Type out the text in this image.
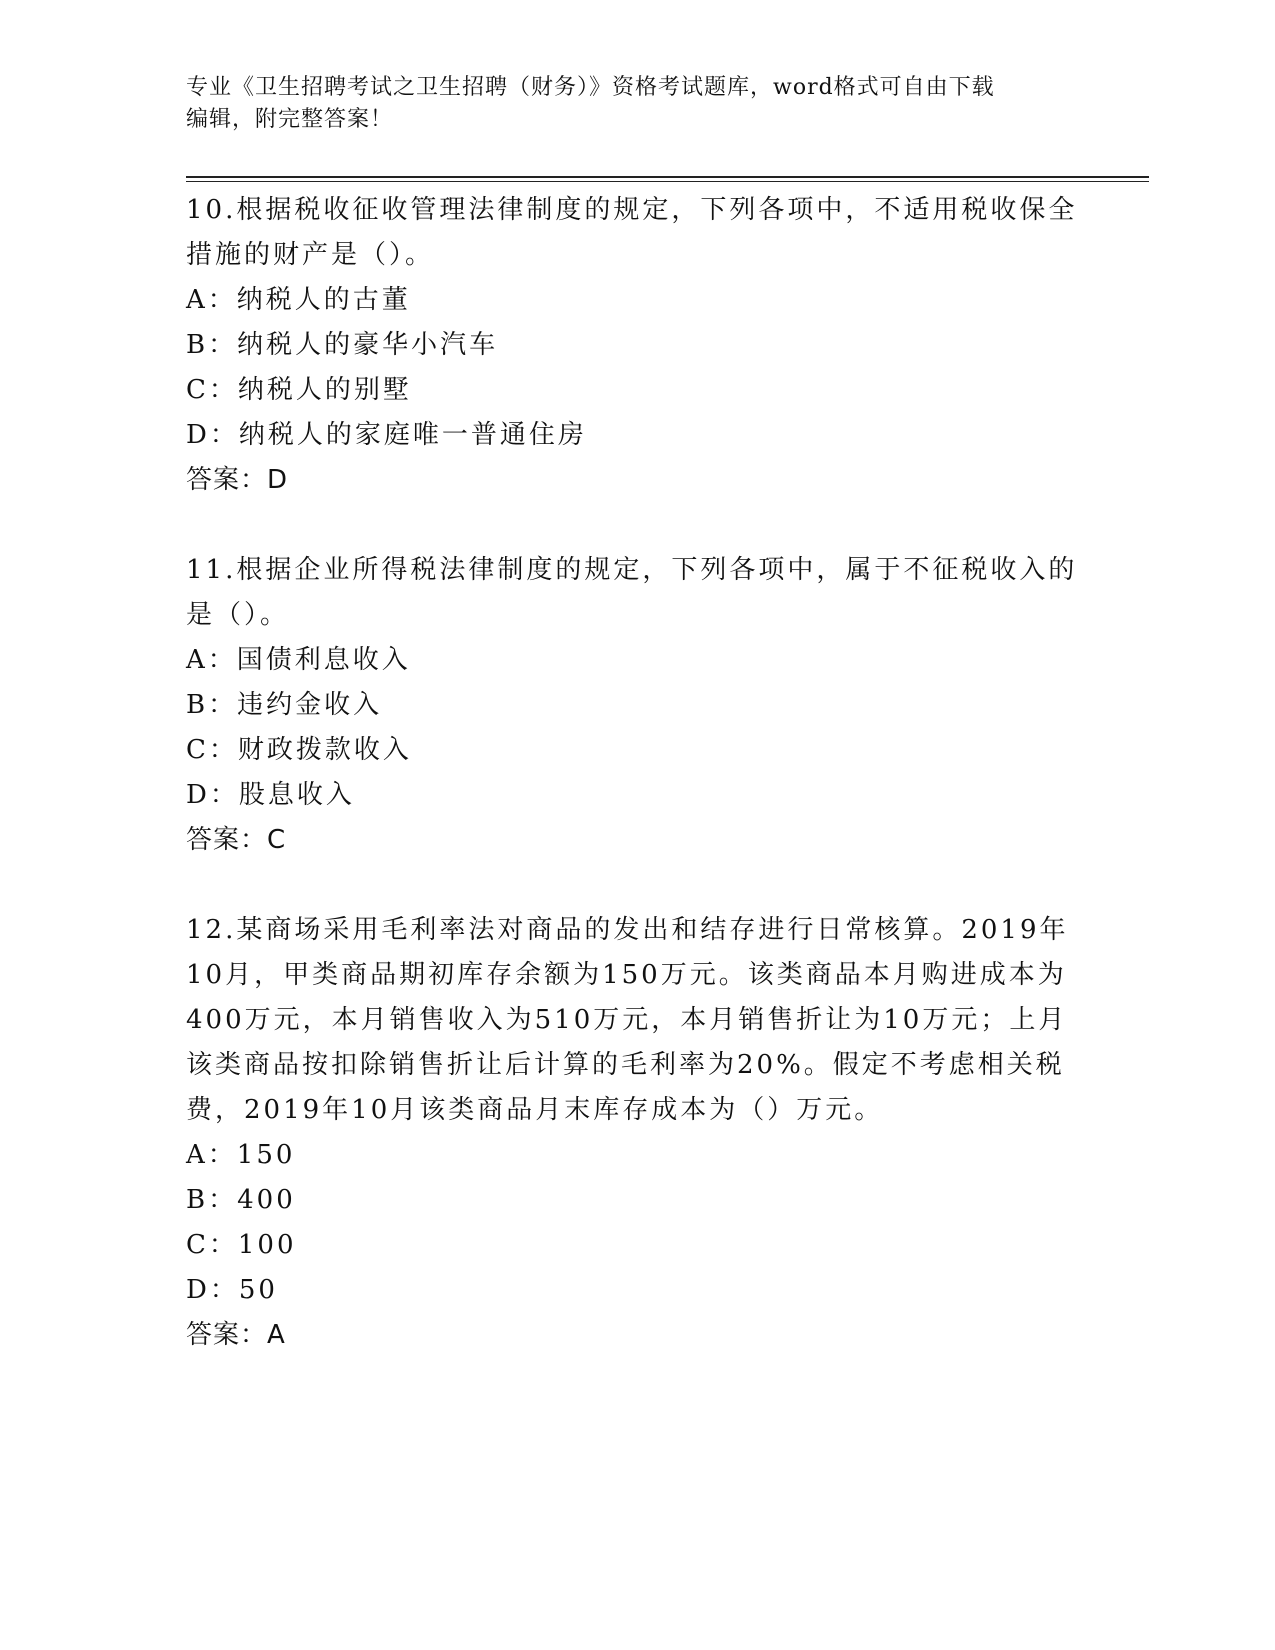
专业《卫生招聘考试之卫生招聘（财务）》资格考试题库，word格式可自由下载
编辑，附完整答案！
10.根据税收征收管理法律制度的规定，下列各项中，不适用税收保全
措施的财产是（）。
A：纳税人的古董
B：纳税人的豪华小汽车
C：纳税人的别墅
D：纳税人的家庭唯一普通住房
答案：D
11.根据企业所得税法律制度的规定，下列各项中，属于不征税收入的
是（）。
A：国债利息收入
B：违约金收入
C：财政拨款收入
D：股息收入
答案：C
12.某商场采用毛利率法对商品的发出和结存进行日常核算。2019年
10月，甲类商品期初库存余额为150万元。该类商品本月购进成本为
400万元，本月销售收入为510万元，本月销售折让为10万元；上月
该类商品按扣除销售折让后计算的毛利率为20%。假定不考虑相关税
费，2019年10月该类商品月末库存成本为（）万元。
A：150
B：400
C：100
D：50
答案：A
